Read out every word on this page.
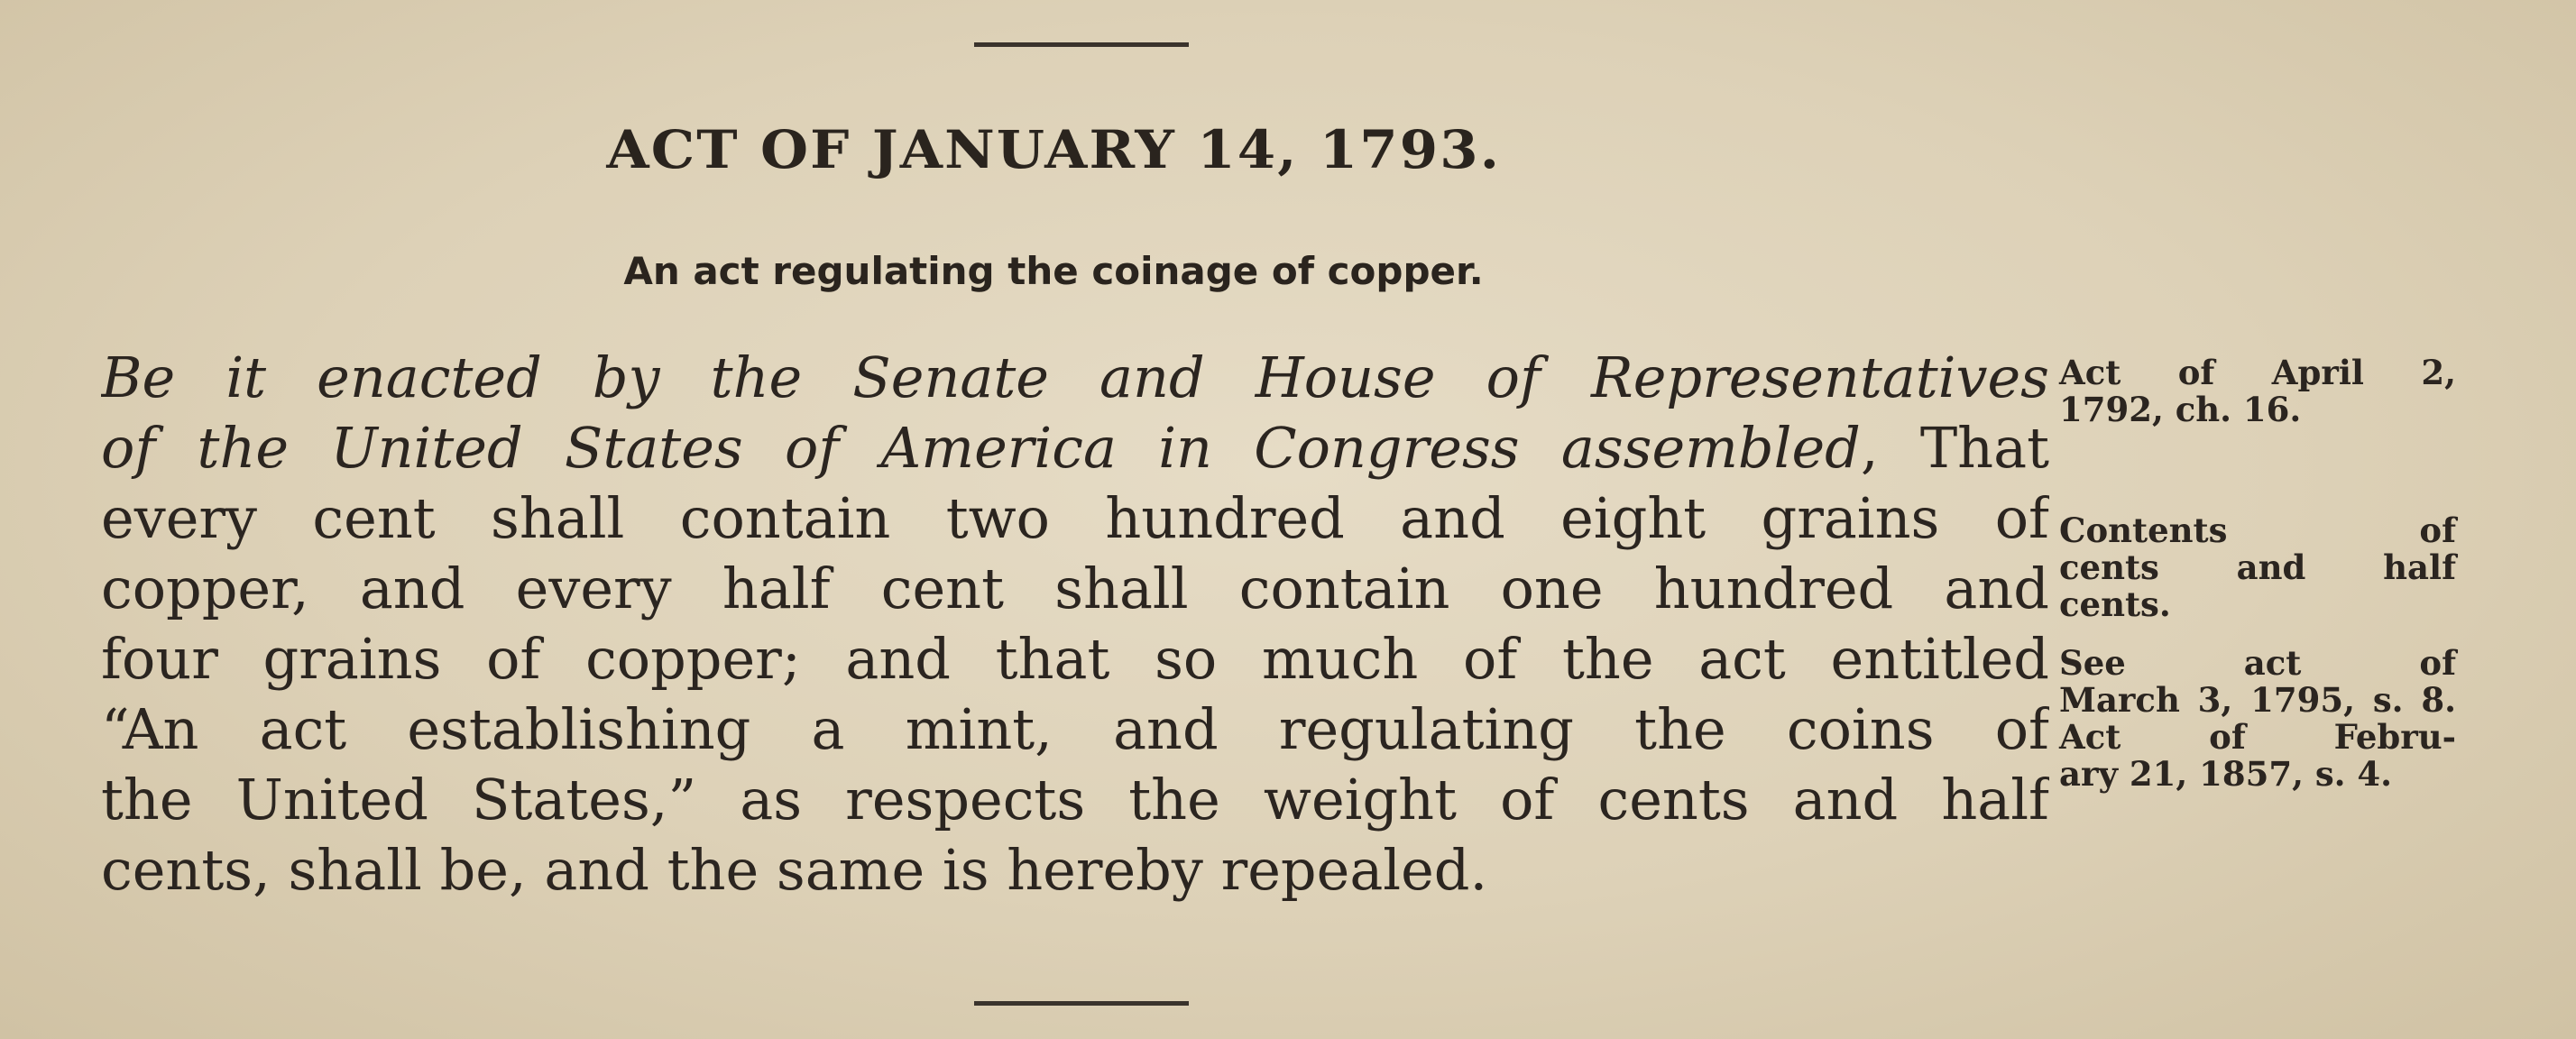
ACT OF JANUARY 14, 1793.
An act regulating the coinage of copper.
Be it enacted by the Senate and House of Representatives
of the United States of America in Congress assembled, That
every cent shall contain two hundred and eight grains of
copper, and every half cent shall contain one hundred and
four grains of copper; and that so much of the act entitled
“An act establishing a mint, and regulating the coins of
the United States,” as respects the weight of cents and half
cents, shall be, and the same is hereby repealed.
Act of April 2,
1792, ch. 16.
Contents of
cents and half
cents.
See act of
March 3, 1795, s. 8.
Act of Febru-
ary 21, 1857, s. 4.
